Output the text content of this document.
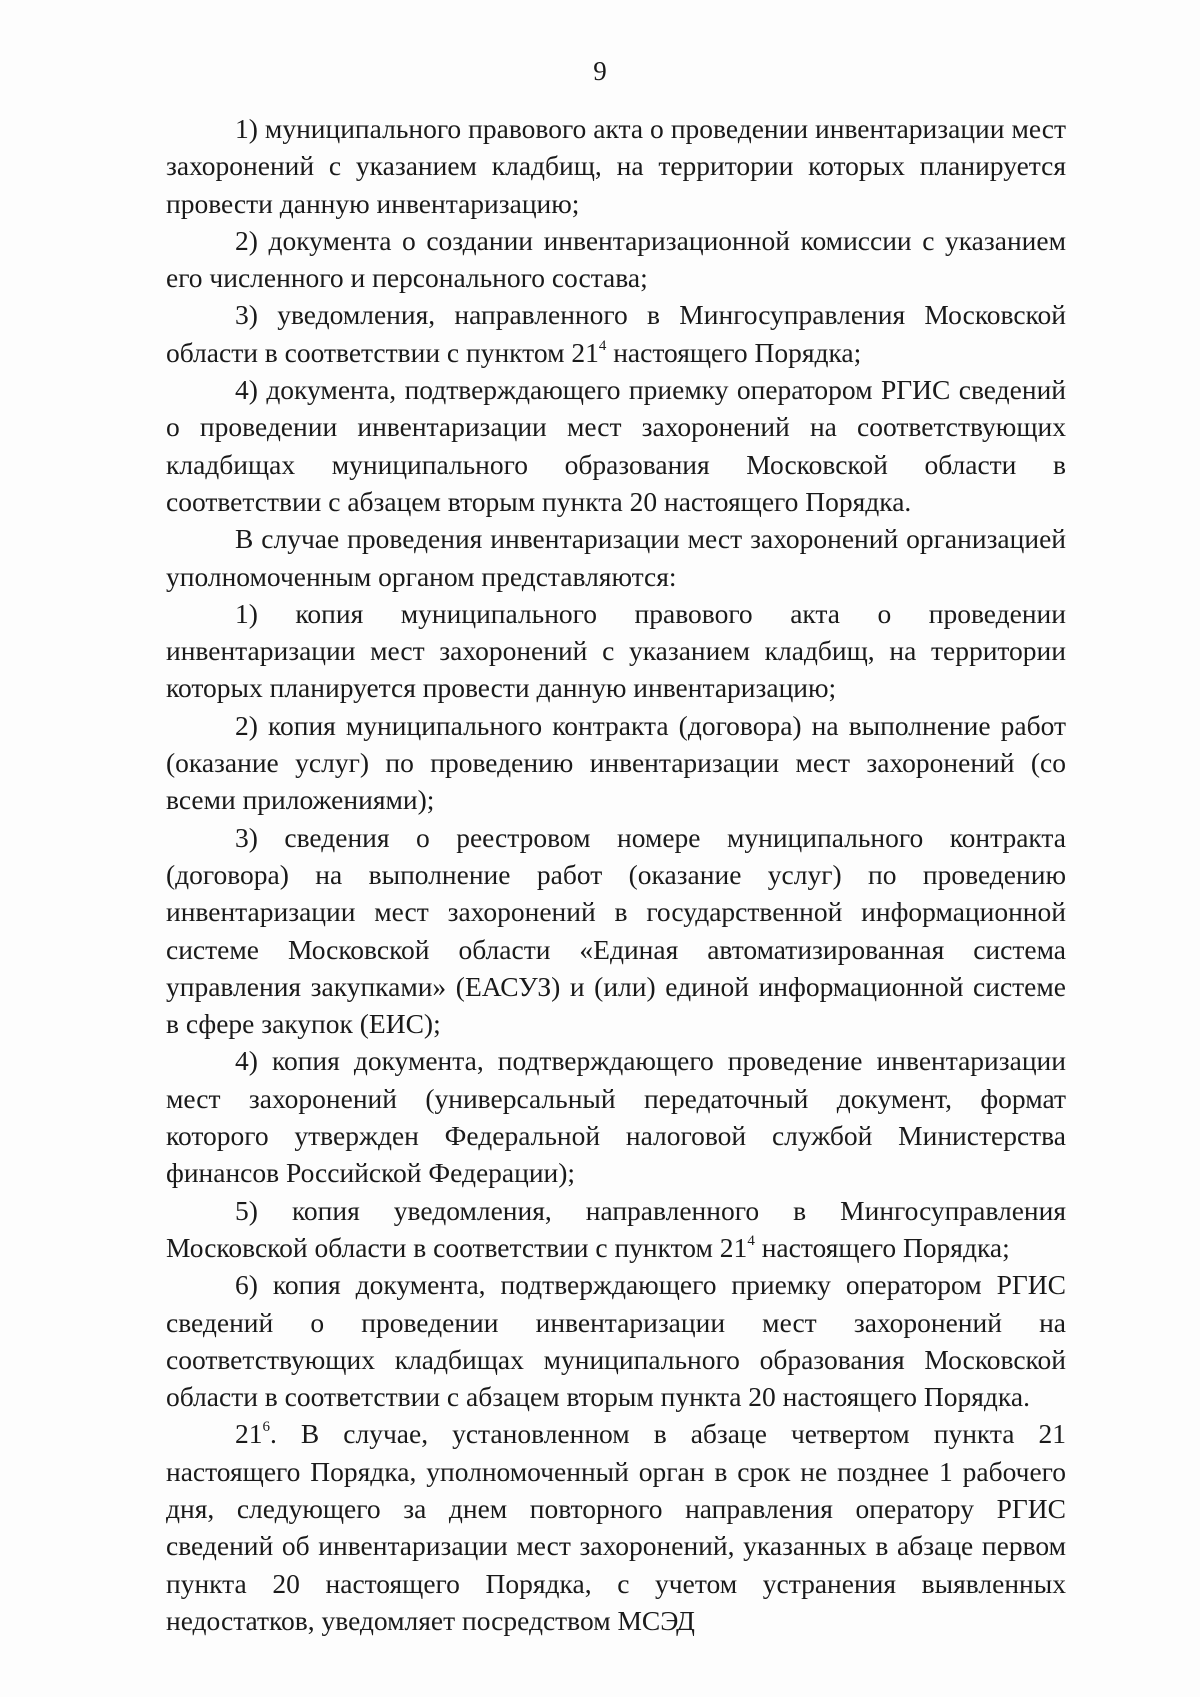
9

1) муниципального правового акта о проведении инвентаризации мест захоронений с указанием кладбищ, на территории которых планируется провести данную инвентаризацию;

2) документа о создании инвентаризационной комиссии с указанием его численного и персонального состава;

3) уведомления, направленного в Мингосуправления Московской области в соответствии с пунктом $21^4$ настоящего Порядка;

4) документа, подтверждающего приемку оператором РГИС сведений о проведении инвентаризации мест захоронений на соответствующих кладбищах муниципального образования Московской области в соответствии с абзацем вторым пункта 20 настоящего Порядка.

В случае проведения инвентаризации мест захоронений организацией уполномоченным органом представляются:

1) копия муниципального правового акта о проведении инвентаризации мест захоронений с указанием кладбищ, на территории которых планируется провести данную инвентаризацию;

2) копия муниципального контракта (договора) на выполнение работ (оказание услуг) по проведению инвентаризации мест захоронений (со всеми приложениями);

3) сведения о реестровом номере муниципального контракта (договора) на выполнение работ (оказание услуг) по проведению инвентаризации мест захоронений в государственной информационной системе Московской области «Единая автоматизированная система управления закупками» (ЕАСУЗ) и (или) единой информационной системе в сфере закупок (ЕИС);

4) копия документа, подтверждающего проведение инвентаризации мест захоронений (универсальный передаточный документ, формат которого утвержден Федеральной налоговой службой Министерства финансов Российской Федерации);

5) копия уведомления, направленного в Мингосуправления Московской области в соответствии с пунктом $21^4$ настоящего Порядка;

6) копия документа, подтверждающего приемку оператором РГИС сведений о проведении инвентаризации мест захоронений на соответствующих кладбищах муниципального образования Московской области в соответствии с абзацем вторым пункта 20 настоящего Порядка.

$21^6$. В случае, установленном в абзаце четвертом пункта 21 настоящего Порядка, уполномоченный орган в срок не позднее 1 рабочего дня, следующего за днем повторного направления оператору РГИС сведений об инвентаризации мест захоронений, указанных в абзаце первом пункта 20 настоящего Порядка, с учетом устранения выявленных недостатков, уведомляет посредством МСЭД
